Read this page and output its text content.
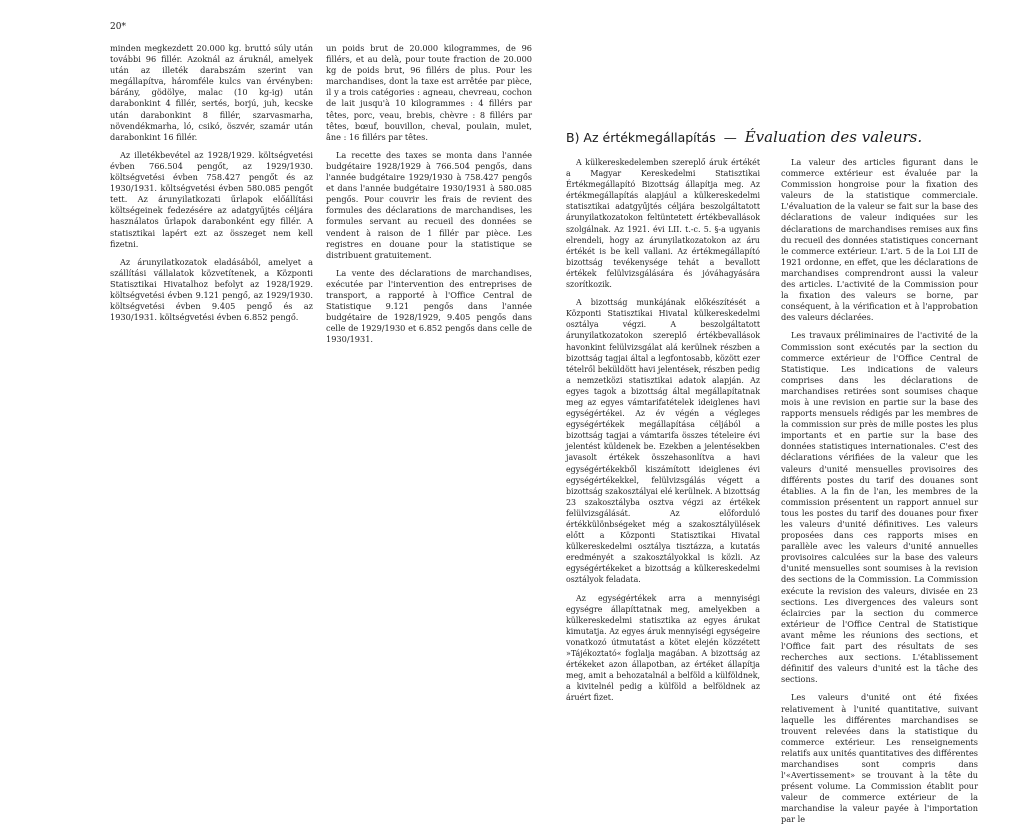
20*

minden megkezdett 20.000 kg. bruttó súly után további 96 fillér. Azoknál az áruknál, amelyek után az illeték darabszám szerint van megállapítva, háromféle kulcs van érvényben: bárány, gödölye, malac (10 kg-ig) után darabonkint 4 fillér, sertés, borjú, juh, kecske után darabonkint 8 fillér, szarvasmarha, növendékmarha, ló, csikó, öszvér, szamár után darabonkint 16 fillér.

Az illetékbevétel az 1928/1929. költségvetési évben 766.504 pengőt, az 1929/1930. költségvetési évben 758.427 pengőt és az 1930/1931. költségvetési évben 580.085 pengőt tett. Az árunyilatkozati űrlapok előállítási költségeinek fedezésére az adatgyűjtés céljára használatos űrlapok darabonként egy fillér. A statisztikai lapért ezt az összeget nem kell fizetni.

Az árunyilatkozatok eladásából, amelyet a szállítási vállalatok közvetítenek, a Központi Statisztikai Hivatalhoz befolyt az 1928/1929. költségvetési évben 9.121 pengő, az 1929/1930. költségvetési évben 9.405 pengő és az 1930/1931. költségvetési évben 6.852 pengő.

un poids brut de 20.000 kilogrammes, de 96 fillérs, et au delà, pour toute fraction de 20.000 kg de poids brut, 96 fillérs de plus. Pour les marchandises, dont la taxe est arrêtée par pièce, il y a trois catégories : agneau, chevreau, cochon de lait jusqu'à 10 kilogrammes : 4 fillérs par têtes, porc, veau, brebis, chèvre : 8 fillérs par têtes, bœuf, bouvillon, cheval, poulain, mulet, âne : 16 fillérs par têtes.

La recette des taxes se monta dans l'année budgétaire 1928/1929 à 766.504 pengős, dans l'année budgétaire 1929/1930 à 758.427 pengős et dans l'année budgétaire 1930/1931 à 580.085 pengős. Pour couvrir les frais de revient des formules des déclarations de marchandises, les formules servant au recueil des données se vendent à raison de 1 fillér par pièce. Les registres en douane pour la statistique se distribuent gratuitement.

La vente des déclarations de marchandises, exécutée par l'intervention des entreprises de transport, a rapporté à l'Office Central de Statistique 9.121 pengős dans l'année budgétaire de 1928/1929, 9.405 pengős dans celle de 1929/1930 et 6.852 pengős dans celle de 1930/1931.

B) Az értékmegállapítás — Évaluation des valeurs.

A külkereskedelemben szereplő áruk értékét a Magyar Kereskedelmi Statisztikai Értékmegállapító Bizottság állapítja meg. Az értékmegállapítás alapjául a külkereskedelmi statisztikai adatgyűjtés céljára beszolgáltatott árunyilatkozatokon feltüntetett értékbevallások szolgálnak. Az 1921. évi LII. t.-c. 5. §-a ugyanis elrendeli, hogy az árunyilatkozatokon az áru értékét is be kell vallani. Az értékmegállapító bizottság tevékenysége tehát a bevallott értékek felülvizsgálására és jóváhagyására szorítkozik.

A bizottság munkájának előkészítését a Központi Statisztikai Hivatal külkereskedelmi osztálya végzi. A beszolgáltatott árunyilatkozatokon szereplő értékbevallások havonkint felülvizsgálat alá kerülnek részben a bizottság tagjai által a legfontosabb, között ezer tételről beküldött havi jelentések, részben pedig a nemzetközi statisztikai adatok alapján. Az egyes tagok a bizottság által megállapítatnak meg az egyes vámtarifatételek ideiglenes havi egységértékei. Az év végén a végleges egységértékek megállapítása céljából a bizottság tagjai a vámtarifa összes tételeire évi jelentést küldenek be. Ezekben a jelentésekben javasolt értékek összehasonlítva a havi egységértékekből kiszámított ideiglenes évi egységértékekkel, felülvizsgálás végett a bizottság szakosztályai elé kerülnek. A bizottság 23 szakosztályba osztva végzi az értékek felülvizsgálását. Az előforduló értékkülönbségeket még a szakosztályülések előtt a Központi Statisztikai Hivatal külkereskedelmi osztálya tisztázza, a kutatás eredményét a szakosztályokkal is közli. Az egységértékeket a bizottság a külkereskedelmi osztályok feladata.

Az egységértékek arra a mennyiségi egységre állapíttatnak meg, amelyekben a külkereskedelmi statisztika az egyes árukat kimutatja. Az egyes áruk mennyiségi egységeire vonatkozó útmutatást a kötet elején közzétett »Tájékoztató« foglalja magában. A bizottság az értékeket azon állapotban, az értéket állapítja meg, amit a behozatalnál a belföld a külföldnek, a kivitelnél pedig a külföld a belföldnek az áruért fizet.

La valeur des articles figurant dans le commerce extérieur est évaluée par la Commission hongroise pour la fixation des valeurs de la statistique commerciale. L'évaluation de la valeur se fait sur la base des déclarations de valeur indiquées sur les déclarations de marchandises remises aux fins du recueil des données statistiques concernant le commerce extérieur. L'art. 5 de la Loi LII de 1921 ordonne, en effet, que les déclarations de marchandises comprendront aussi la valeur des articles. L'activité de la Commission pour la fixation des valeurs se borne, par conséquent, à la vérification et à l'approbation des valeurs déclarées.

Les travaux préliminaires de l'activité de la Commission sont exécutés par la section du commerce extérieur de l'Office Central de Statistique. Les indications de valeurs comprises dans les déclarations de marchandises retirées sont soumises chaque mois à une revision en partie sur la base des rapports mensuels rédigés par les membres de la commission sur près de mille postes les plus importants et en partie sur la base des données statistiques internationales. C'est des déclarations vérifiées de la valeur que les valeurs d'unité mensuelles provisoires des différents postes du tarif des douanes sont établies. A la fin de l'an, les membres de la commission présentent un rapport annuel sur tous les postes du tarif des douanes pour fixer les valeurs d'unité définitives. Les valeurs proposées dans ces rapports mises en parallèle avec les valeurs d'unité annuelles provisoires calculées sur la base des valeurs d'unité mensuelles sont soumises à la revision des sections de la Commission. La Commission exécute la revision des valeurs, divisée en 23 sections. Les divergences des valeurs sont éclaircies par la section du commerce extérieur de l'Office Central de Statistique avant même les réunions des sections, et l'Office fait part des résultats de ses recherches aux sections. L'établissement définitif des valeurs d'unité est la tâche des sections.

Les valeurs d'unité ont été fixées relativement à l'unité quantitative, suivant laquelle les différentes marchandises se trouvent relevées dans la statistique du commerce extérieur. Les renseignements relatifs aux unités quantitatives des différentes marchandises sont compris dans l'«Avertissement» se trouvant à la tête du présent volume. La Commission établit pour valeur de commerce extérieur de la marchandise la valeur payée à l'importation par le
